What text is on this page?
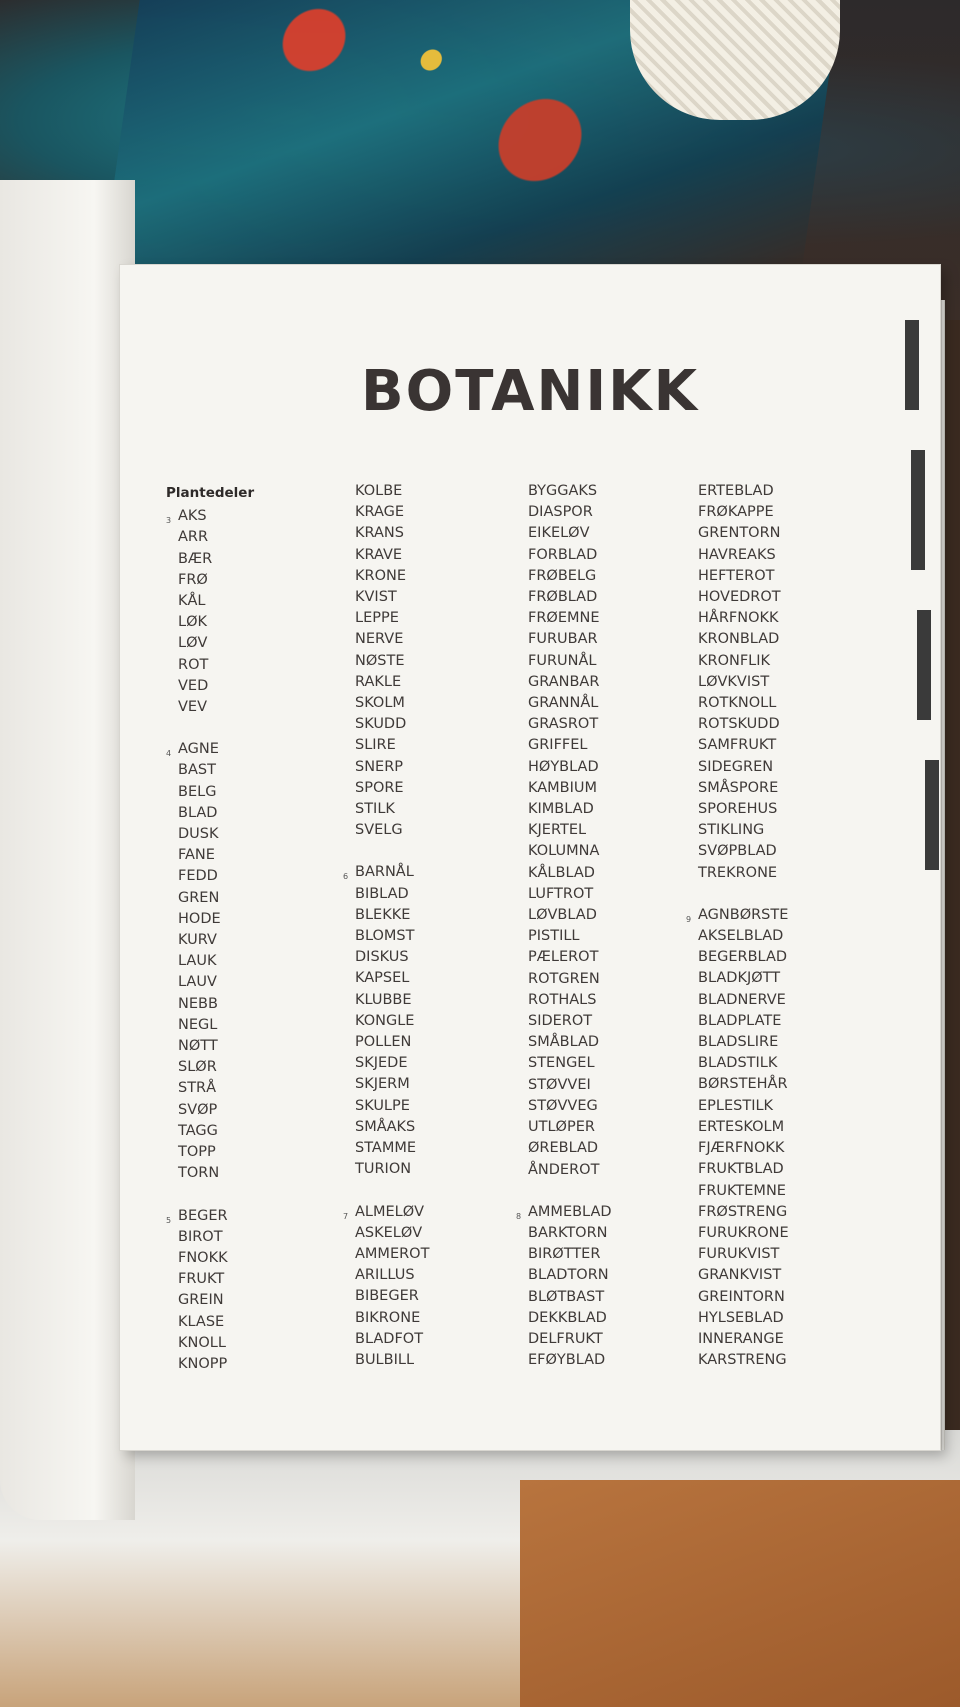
BOTANIKK
Plantedeler
3 AKS
ARR
BÆR
FRØ
KÅL
LØK
LØV
ROT
VED
VEV
4 AGNE
BAST
BELG
BLAD
DUSK
FANE
FEDD
GREN
HODE
KURV
LAUK
LAUV
NEBB
NEGL
NØTT
SLØR
STRÅ
SVØP
TAGG
TOPP
TORN
5 BEGER
BIROT
FNOKK
FRUKT
GREIN
KLASE
KNOLL
KNOPP
KOLBE
KRAGE
KRANS
KRAVE
KRONE
KVIST
LEPPE
NERVE
NØSTE
RAKLE
SKOLM
SKUDD
SLIRE
SNERP
SPORE
STILK
SVELG
6 BARNÅL
BIBLAD
BLEKKE
BLOMST
DISKUS
KAPSEL
KLUBBE
KONGLE
POLLEN
SKJEDE
SKJERM
SKULPE
SMÅAKS
STAMME
TURION
7 ALMELØV
ASKELØV
AMMEROT
ARILLUS
BIBEGER
BIKRONE
BLADFOT
BULBILL
BYGGAKS
DIASPOR
EIKELØV
FORBLAD
FRØBELG
FRØBLAD
FRØEMNE
FURUBAR
FURUNÅL
GRANBAR
GRANNÅL
GRASROT
GRIFFEL
HØYBLAD
KAMBIUM
KIMBLAD
KJERTEL
KOLUMNA
KÅLBLAD
LUFTROT
LØVBLAD
PISTILL
PÆLEROT
ROTGREN
ROTHALS
SIDEROT
SMÅBLAD
STENGEL
STØVVEI
STØVVEG
UTLØPER
ØREBLAD
ÅNDEROT
8 AMMEBLAD
BARKTORN
BIRØTTER
BLADTORN
BLØTBAST
DEKKBLAD
DELFRUKT
EFØYBLAD
ERTEBLAD
FRØKAPPE
GRENTORN
HAVREAKS
HEFTEROT
HOVEDROT
HÅRFNOKK
KRONBLAD
KRONFLIK
LØVKVIST
ROTKNOLL
ROTSKUDD
SAMFRUKT
SIDEGREN
SMÅSPORE
SPOREHUS
STIKLING
SVØPBLAD
TREKRONE
9 AGNBØRSTE
AKSELBLAD
BEGERBLAD
BLADKJØTT
BLADNERVE
BLADPLATE
BLADSLIRE
BLADSTILK
BØRSTEHÅR
EPLESTILK
ERTESKOLM
FJÆRFNOKK
FRUKTBLAD
FRUKTEMNE
FRØSTRENG
FURUKRONE
FURUKVIST
GRANKVIST
GREINTORN
HYLSEBLAD
INNERANGE
KARSTRENG
